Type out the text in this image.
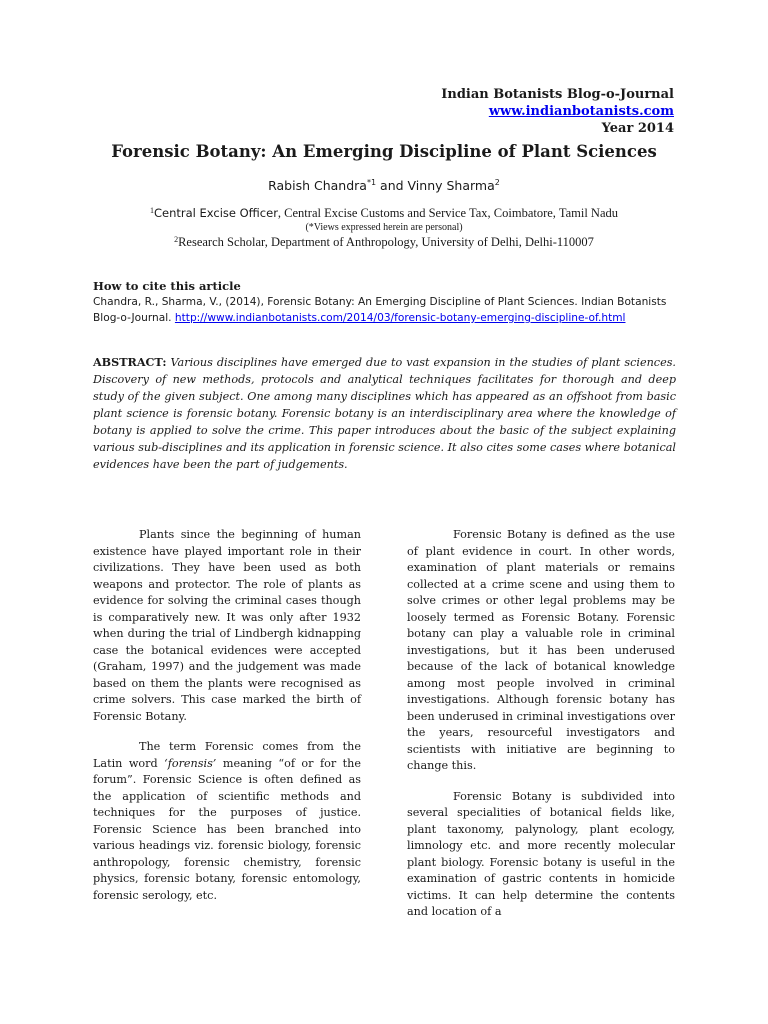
Indian Botanists Blog-o-Journal
www.indianbotanists.com
Year 2014
Forensic Botany: An Emerging Discipline of Plant Sciences
Rabish Chandra$^{*1}$ and Vinny Sharma$^2$
$^1$Central Excise Officer, Central Excise Customs and Service Tax, Coimbatore, Tamil Nadu
(*Views expressed herein are personal)
$^2$Research Scholar, Department of Anthropology, University of Delhi, Delhi-110007
How to cite this article
Chandra, R., Sharma, V., (2014), Forensic Botany: An Emerging Discipline of Plant Sciences. Indian Botanists Blog-o-Journal. http://www.indianbotanists.com/2014/03/forensic-botany-emerging-discipline-of.html
ABSTRACT: Various disciplines have emerged due to vast expansion in the studies of plant sciences. Discovery of new methods, protocols and analytical techniques facilitates for thorough and deep study of the given subject. One among many disciplines which has appeared as an offshoot from basic plant science is forensic botany. Forensic botany is an interdisciplinary area where the knowledge of botany is applied to solve the crime. This paper introduces about the basic of the subject explaining various sub-disciplines and its application in forensic science. It also cites some cases where botanical evidences have been the part of judgements.

Plants since the beginning of human existence have played important role in their civilizations. They have been used as both weapons and protector. The role of plants as evidence for solving the criminal cases though is comparatively new. It was only after 1932 when during the trial of Lindbergh kidnapping case the botanical evidences were accepted (Graham, 1997) and the judgement was made based on them the plants were recognised as crime solvers. This case marked the birth of Forensic Botany.

The term Forensic comes from the Latin word ‘forensis’ meaning “of or for the forum”. Forensic Science is often defined as the application of scientific methods and techniques for the purposes of justice. Forensic Science has been branched into various headings viz. forensic biology, forensic anthropology, forensic chemistry, forensic physics, forensic botany, forensic entomology, forensic serology, etc.

Forensic Botany is defined as the use of plant evidence in court. In other words, examination of plant materials or remains collected at a crime scene and using them to solve crimes or other legal problems may be loosely termed as Forensic Botany. Forensic botany can play a valuable role in criminal investigations, but it has been underused because of the lack of botanical knowledge among most people involved in criminal investigations. Although forensic botany has been underused in criminal investigations over the years, resourceful investigators and scientists with initiative are beginning to change this.

Forensic Botany is subdivided into several specialities of botanical fields like, plant taxonomy, palynology, plant ecology, limnology etc. and more recently molecular plant biology. Forensic botany is useful in the examination of gastric contents in homicide victims. It can help determine the contents and location of a
